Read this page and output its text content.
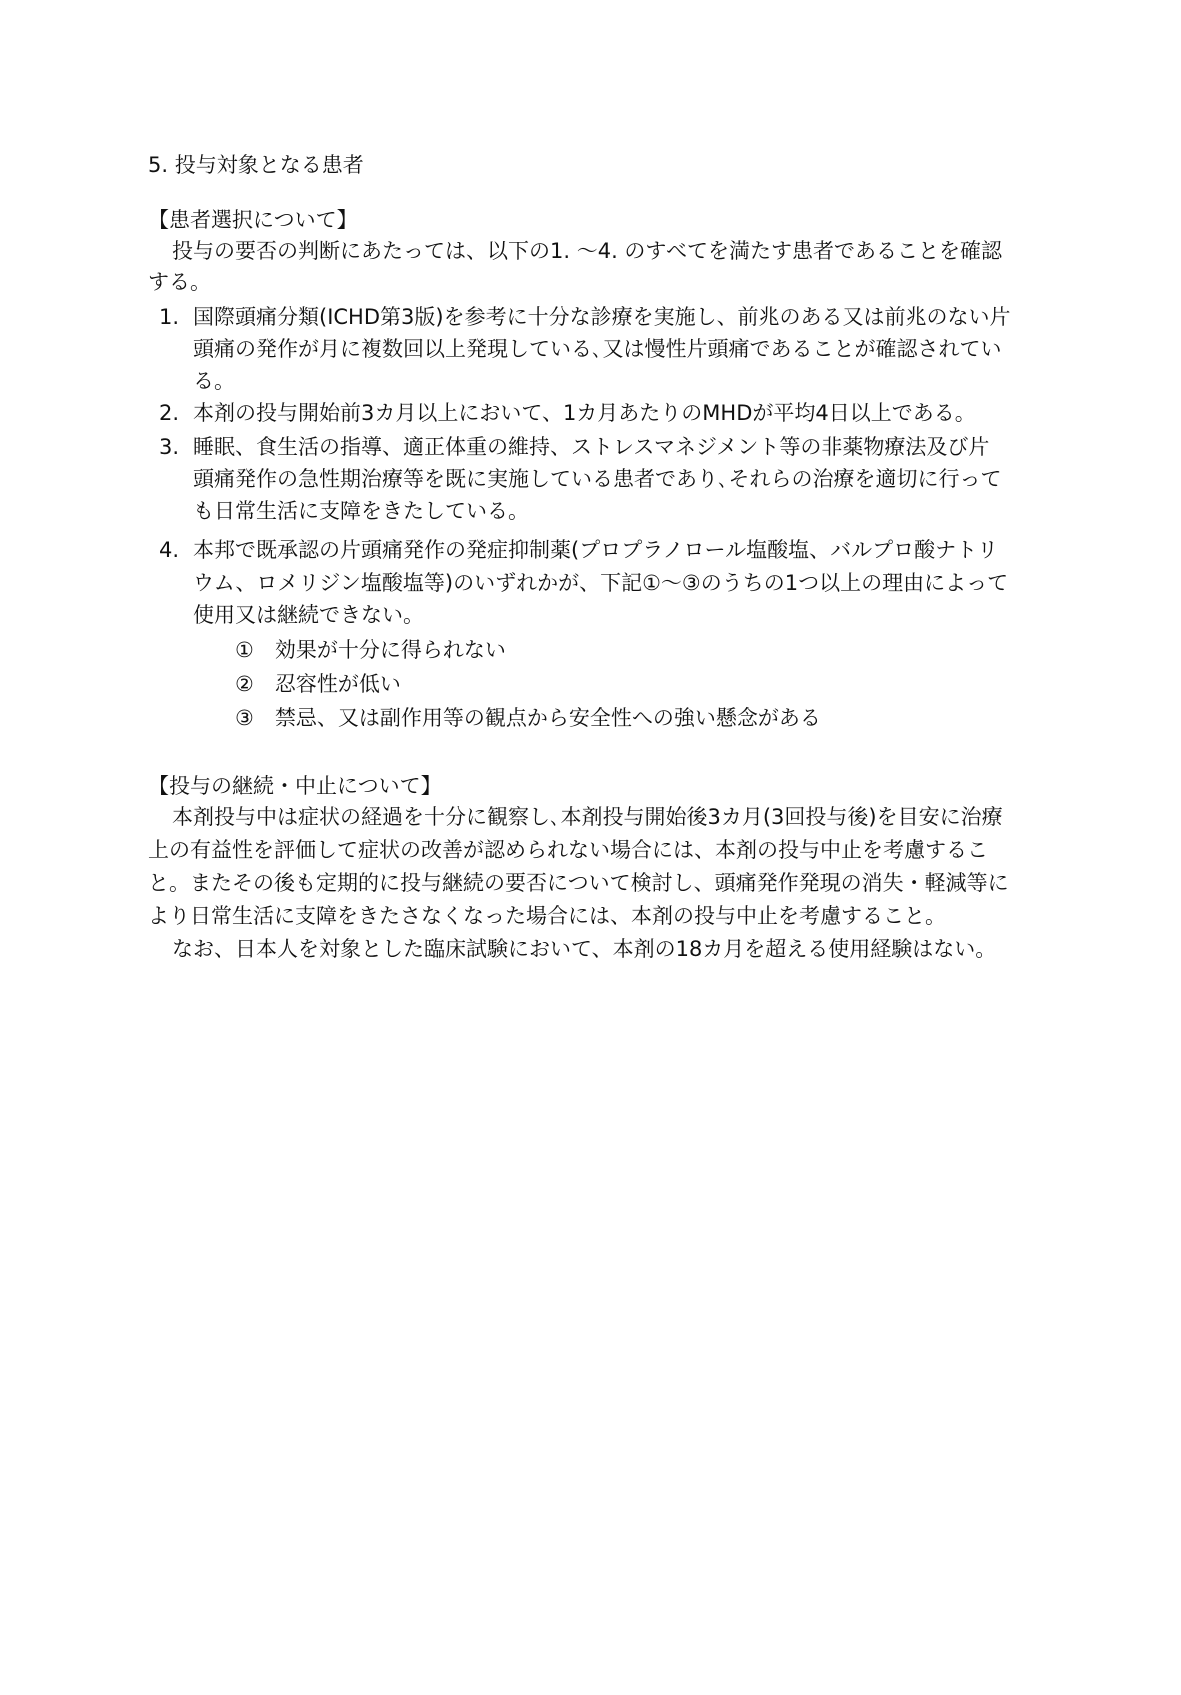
5. 投与対象となる患者
【患者選択について】
投与の要否の判断にあたっては、以下の1. ～4. のすべてを満たす患者であることを確認
する。
1. 国際頭痛分類(ICHD第3版)を参考に十分な診療を実施し、前兆のある又は前兆のない片
頭痛の発作が月に複数回以上発現している､又は慢性片頭痛であることが確認されてい
る。
2. 本剤の投与開始前3カ月以上において、1カ月あたりのMHDが平均4日以上である。
3. 睡眠、食生活の指導、適正体重の維持、ストレスマネジメント等の非薬物療法及び片
頭痛発作の急性期治療等を既に実施している患者であり､それらの治療を適切に行って
も日常生活に支障をきたしている。
4. 本邦で既承認の片頭痛発作の発症抑制薬(プロプラノロール塩酸塩、バルプロ酸ナトリ
ウム、ロメリジン塩酸塩等)のいずれかが、下記①～③のうちの1つ以上の理由によって
使用又は継続できない。
①　効果が十分に得られない
②　忍容性が低い
③　禁忌、又は副作用等の観点から安全性への強い懸念がある
【投与の継続・中止について】
本剤投与中は症状の経過を十分に観察し､本剤投与開始後3カ月(3回投与後)を目安に治療
上の有益性を評価して症状の改善が認められない場合には、本剤の投与中止を考慮するこ
と。またその後も定期的に投与継続の要否について検討し、頭痛発作発現の消失・軽減等に
より日常生活に支障をきたさなくなった場合には、本剤の投与中止を考慮すること。
なお、日本人を対象とした臨床試験において、本剤の18カ月を超える使用経験はない。
